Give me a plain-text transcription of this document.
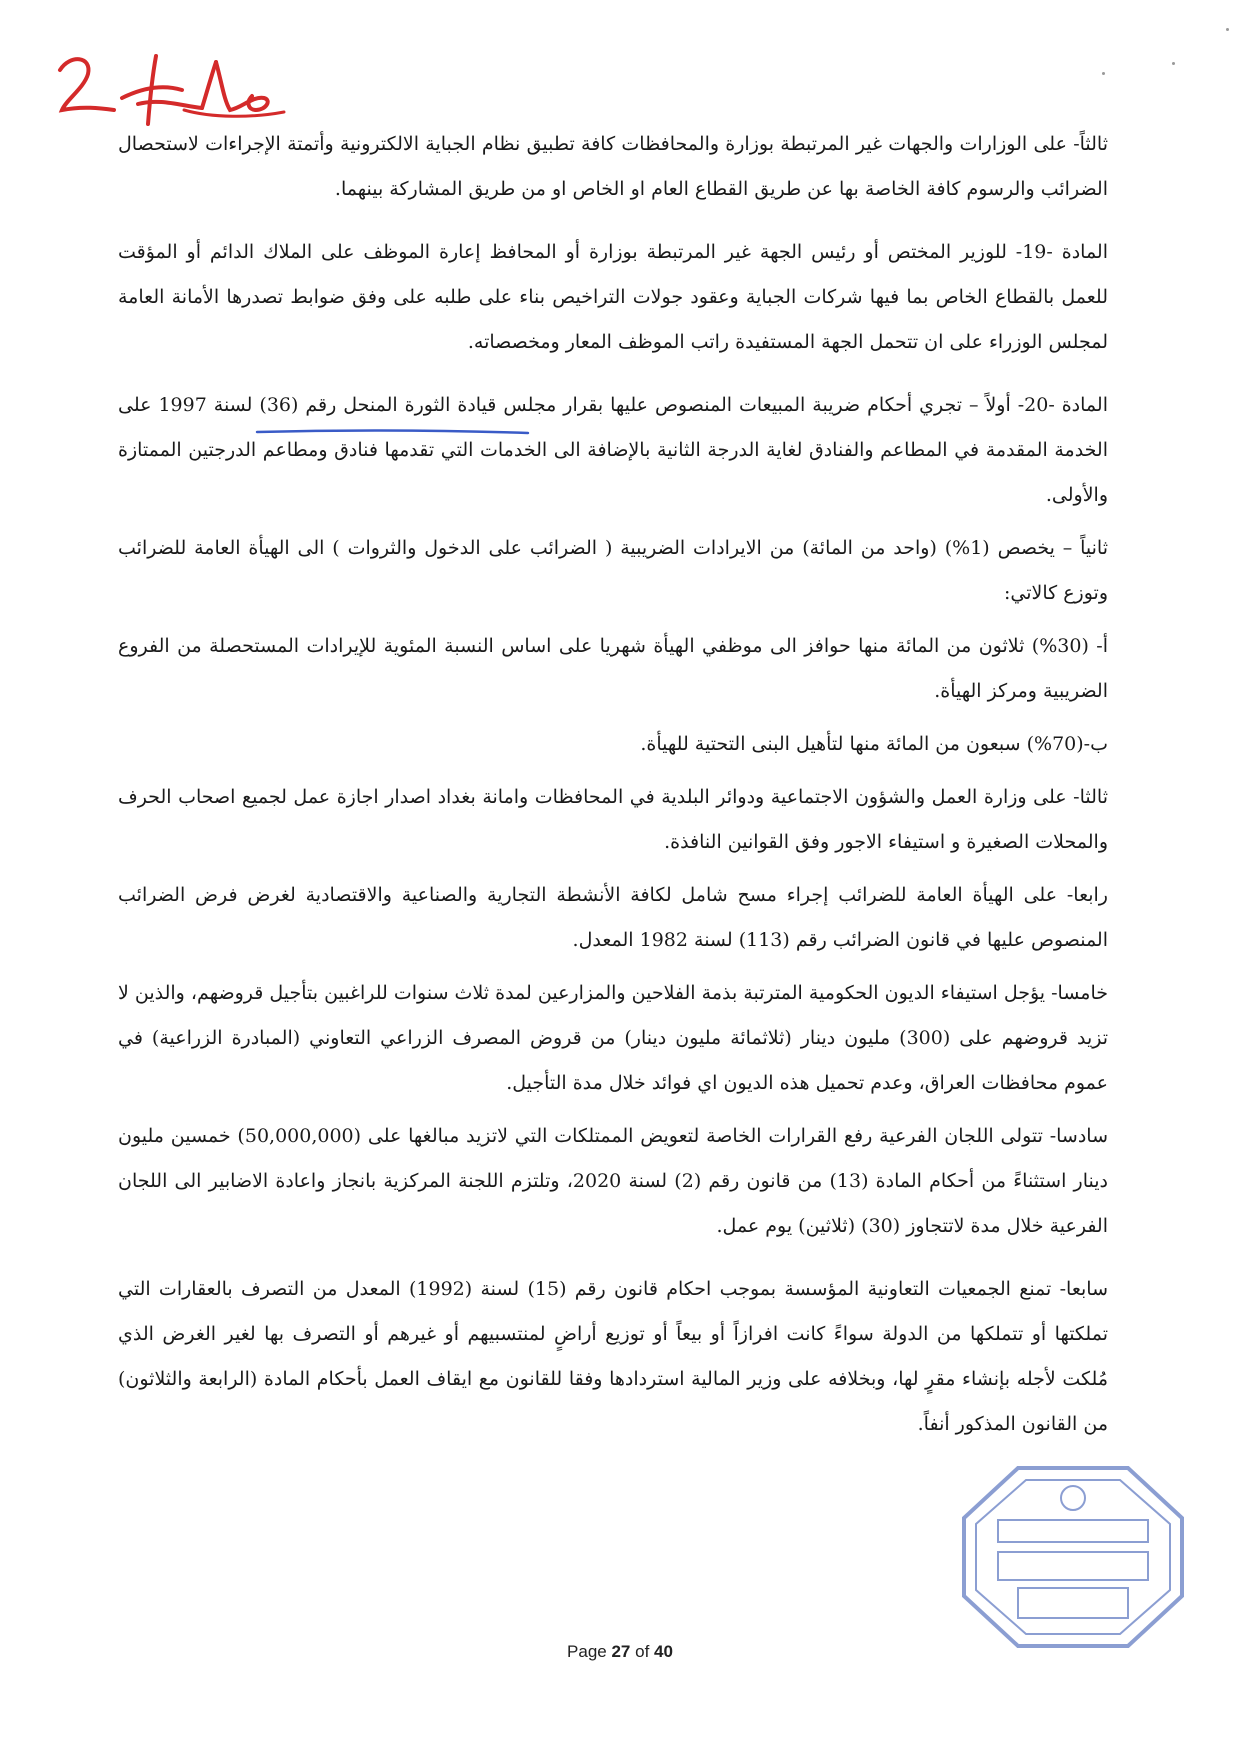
ثالثاً- على الوزارات والجهات غير المرتبطة بوزارة والمحافظات كافة تطبيق نظام الجباية الالكترونية وأتمتة الإجراءات لاستحصال الضرائب والرسوم كافة الخاصة بها عن طريق القطاع العام او الخاص او من طريق المشاركة بينهما.

المادة -19- للوزير المختص أو رئيس الجهة غير المرتبطة بوزارة أو المحافظ إعارة الموظف على الملاك الدائم أو المؤقت للعمل بالقطاع الخاص بما فيها شركات الجباية وعقود جولات التراخيص بناء على طلبه على وفق ضوابط تصدرها الأمانة العامة لمجلس الوزراء على ان تتحمل الجهة المستفيدة راتب الموظف المعار ومخصصاته.

المادة -20- أولاً – تجري أحكام ضريبة المبيعات المنصوص عليها بقرار مجلس قيادة الثورة المنحل رقم (36) لسنة 1997 على الخدمة المقدمة في المطاعم والفنادق لغاية الدرجة الثانية بالإضافة الى الخدمات التي تقدمها فنادق ومطاعم الدرجتين الممتازة والأولى.

ثانياً – يخصص (1%) (واحد من المائة) من الايرادات الضريبية ( الضرائب على الدخول والثروات ) الى الهيأة العامة للضرائب وتوزع كالاتي:

أ- (30%) ثلاثون من المائة منها حوافز الى موظفي الهيأة شهريا على اساس النسبة المئوية للإيرادات المستحصلة من الفروع الضريبية ومركز الهيأة.

ب-(70%) سبعون من المائة منها لتأهيل البنى التحتية للهيأة.

ثالثا- على وزارة العمل والشؤون الاجتماعية ودوائر البلدية في المحافظات وامانة بغداد اصدار اجازة عمل لجميع اصحاب الحرف والمحلات الصغيرة و استيفاء الاجور وفق القوانين النافذة.

رابعا- على الهيأة العامة للضرائب إجراء مسح شامل لكافة الأنشطة التجارية والصناعية والاقتصادية لغرض فرض الضرائب المنصوص عليها في قانون الضرائب رقم (113) لسنة 1982 المعدل.

خامسا- يؤجل استيفاء الديون الحكومية المترتبة بذمة الفلاحين والمزارعين لمدة ثلاث سنوات للراغبين بتأجيل قروضهم، والذين لا تزيد قروضهم على (300) مليون دينار (ثلاثمائة مليون دينار) من قروض المصرف الزراعي التعاوني (المبادرة الزراعية) في عموم محافظات العراق، وعدم تحميل هذه الديون اي فوائد خلال مدة التأجيل.

سادسا- تتولى اللجان الفرعية رفع القرارات الخاصة لتعويض الممتلكات التي لاتزيد مبالغها على (50,000,000) خمسين مليون دينار استثناءً من أحكام المادة (13) من قانون رقم (2) لسنة 2020، وتلتزم اللجنة المركزية بانجاز واعادة الاضابير الى اللجان الفرعية خلال مدة لاتتجاوز (30) (ثلاثين) يوم عمل.

سابعا- تمنع الجمعيات التعاونية المؤسسة بموجب احكام قانون رقم (15) لسنة (1992) المعدل من التصرف بالعقارات التي تملكتها أو تتملكها من الدولة سواءً كانت افرازاً أو بيعاً أو توزيع أراضٍ لمنتسبيهم أو غيرهم أو التصرف بها لغير الغرض الذي مُلكت لأجله بإنشاء مقرٍ لها، وبخلافه على وزير المالية استردادها وفقا للقانون مع ايقاف العمل بأحكام المادة (الرابعة والثلاثون) من القانون المذكور أنفاً.

Page 27 of 40
